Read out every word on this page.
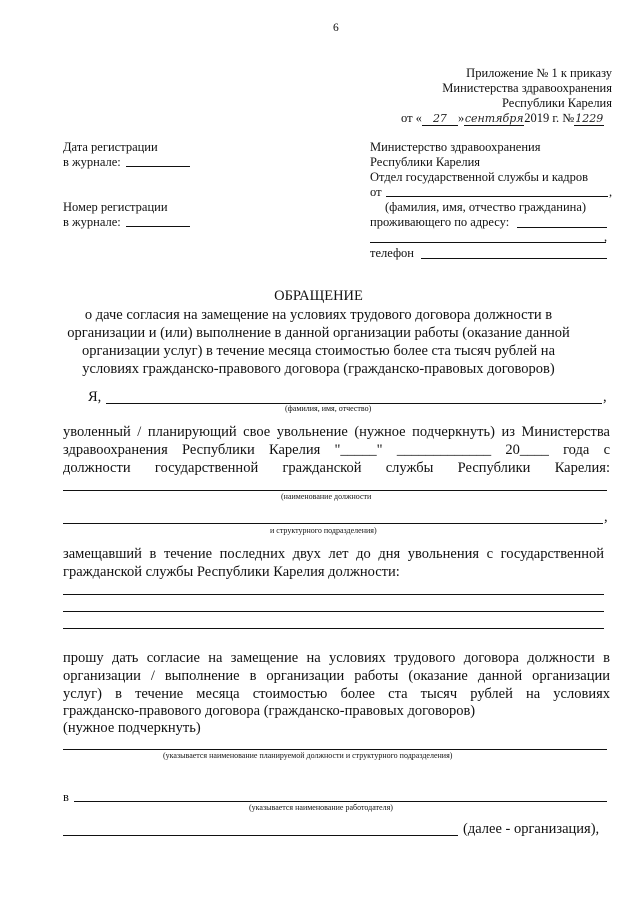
6
Приложение № 1 к приказу
Министерства здравоохранения
Республики Карелия
от « 27 »сентября2019 г. №1229
Дата регистрации
в журнале:
Номер регистрации
в журнале:
Министерство здравоохранения
Республики Карелия
Отдел государственной службы и кадров
от	,
(фамилия, имя, отчество гражданина)
проживающего по адресу:
,
телефон
ОБРАЩЕНИЕ
о даче согласия на замещение на условиях трудового договора должности в
организации и (или) выполнение в данной организации работы (оказание данной
организации услуг) в течение месяца стоимостью более ста тысяч рублей на
условиях гражданско-правового договора (гражданско-правовых договоров)
Я,	,
(фамилия, имя, отчество)
уволенный / планирующий свое увольнение (нужное подчеркнуть) из Министерства
здравоохранения Республики Карелия "_____" _____________ 20____ года с
должности государственной гражданской службы Республики Карелия:
(наименование должности
,
и структурного подразделения)
замещавший в течение последних двух лет до дня увольнения с государственной
гражданской службы Республики Карелия должности:
прошу дать согласие на замещение на условиях трудового договора должности в
организации / выполнение в организации работы (оказание данной организации
услуг) в течение месяца стоимостью более ста тысяч рублей на условиях
гражданско-правового договора (гражданско-правовых договоров)
(нужное подчеркнуть)
(указывается наименование планируемой должности и структурного подразделения)
в
(указывается наименование работодателя)
(далее - организация),
